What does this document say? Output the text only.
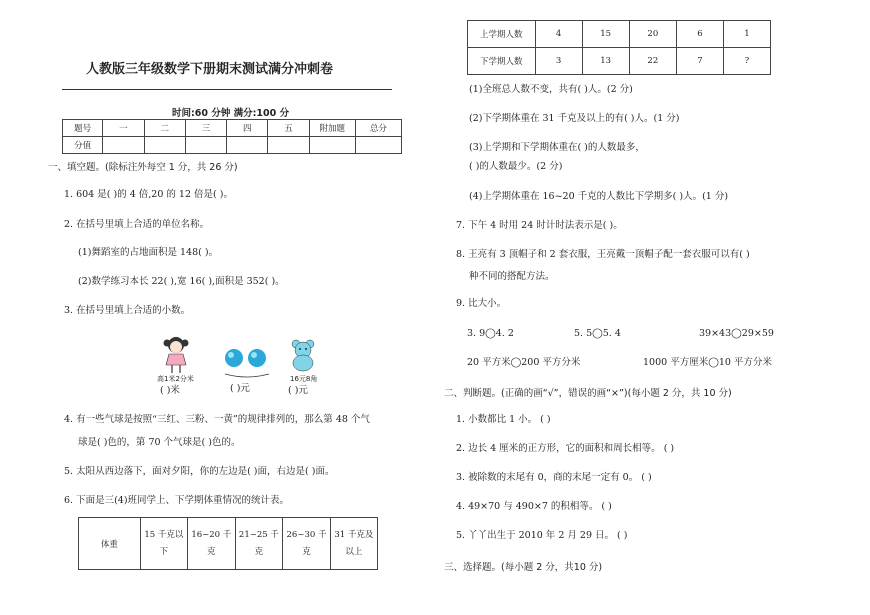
人教版三年级数学下册期末测试满分冲刺卷
时间:60 分钟 满分:100 分
题号	一	二	三	四	五	附加题	总分
分值							
一、填空题。(除标注外每空 1 分，共 26 分)
1. 604 是( )的 4 倍,20 的 12 倍是( )。
2. 在括号里填上合适的单位名称。
(1)舞蹈室的占地面积是 148( )。
(2)数学练习本长 22( ),宽 16( ),面积是 352( )。
3. 在括号里填上合适的小数。
高1米2分米
( )米	( )元
16元8角
( )元
4. 有一些气球是按照“三红、三粉、一黄”的规律排列的，那么第 48 个气
球是( )色的，第 70 个气球是( )色的。
5. 太阳从西边落下，面对夕阳，你的左边是( )面，右边是( )面。
6. 下面是三(4)班同学上、下学期体重情况的统计表。
体重	15 千克以下	16~20 千克	21~25 千克	26~30 千克	31 千克及以上
上学期人数	4	15	20	6	1
下学期人数	3	13	22	7	?
(1)全班总人数不变，共有( )人。(2 分)
(2)下学期体重在 31 千克及以上的有( )人。(1 分)
(3)上学期和下学期体重在( )的人数最多，
( )的人数最少。(2 分)
(4)上学期体重在 16~20 千克的人数比下学期多( )人。(1 分)
7. 下午 4 时用 24 时计时法表示是( )。
8. 王亮有 3 顶帽子和 2 套衣服，王亮戴一顶帽子配一套衣服可以有( )
种不同的搭配方法。
9. 比大小。
3. 9◯4. 2	5. 5◯5. 4	39×43◯29×59
20 平方米◯200 平方分米	1000 平方厘米◯10 平方分米
二、判断题。(正确的画“√”，错误的画“×”)(每小题 2 分，共 10 分)
1. 小数都比 1 小。 ( )
2. 边长 4 厘米的正方形，它的面积和周长相等。 ( )
3. 被除数的末尾有 0，商的末尾一定有 0。 ( )
4. 49×70 与 490×7 的积相等。 ( )
5. 丫丫出生于 2010 年 2 月 29 日。 ( )
三、选择题。(每小题 2 分，共10 分)
